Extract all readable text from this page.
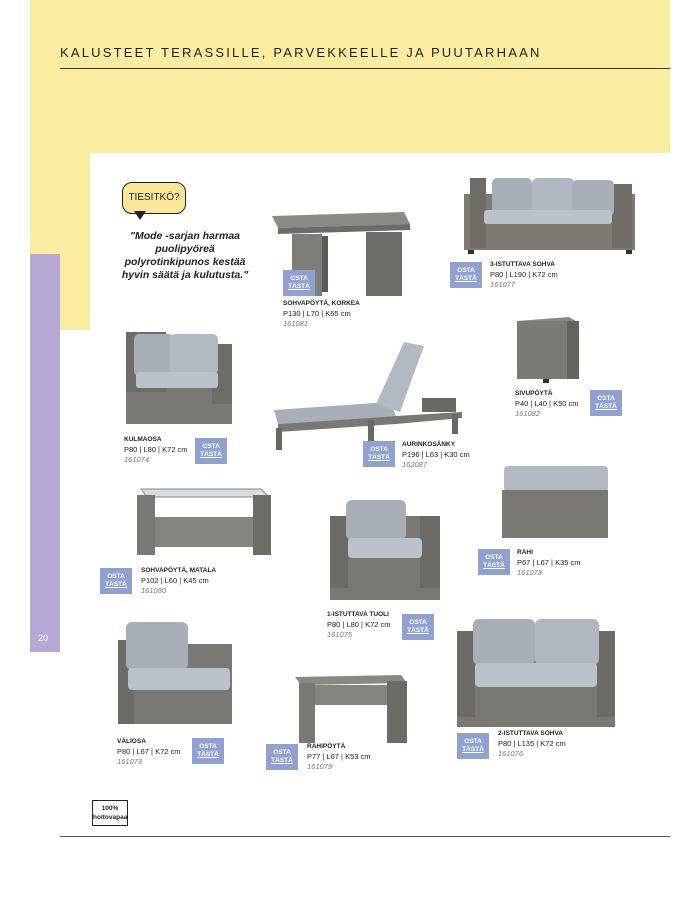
20
KALUSTEET TERASSILLE, PARVEKKEELLE JA PUUTARHAAN
TIESITKÖ?
"Mode -sarjan harmaa puolipyöreä polyrotinkipunos kestää hyvin säätä ja kulutusta."	OSTA
TÄSTÄ
OSTA
TÄSTÄ
OSTA
TÄSTÄ
OSTA
TÄSTÄ
OSTA
TÄSTÄ
OSTA
TÄSTÄ
OSTA
TÄSTÄ
OSTA
TÄSTÄ
OSTA
TÄSTÄ	OSTA
TÄSTÄ
OSTA
TÄSTÄ
SOHVAPÖYTÄ, KORKEA
P130 | L70 | K65 cm
161081
3-ISTUTTAVA SOHVA
P80 | L190 | K72 cm
161077
KULMAOSA
P80 | L80 | K72 cm
161074
AURINKOSÄNKY
P196 | L63 | K30 cm
162087
SIVUPÖYTÄ
P40 | L40 | K50 cm
161082
SOHVAPÖYTÄ, MATALA
P102 | L60 | K45 cm
161080
RAHI
P67 | L67 | K35 cm
161078
1-ISTUTTAVA TUOLI
P80 | L80 | K72 cm
161075
VÄLIOSA
P80 | L67 | K72 cm
161073
RAHIPÖYTÄ
P77 | L67 | K53 cm
161079
2-ISTUTTAVA SOHVA
P80 | L135 | K72 cm
161076
100%
hoitovapaa
